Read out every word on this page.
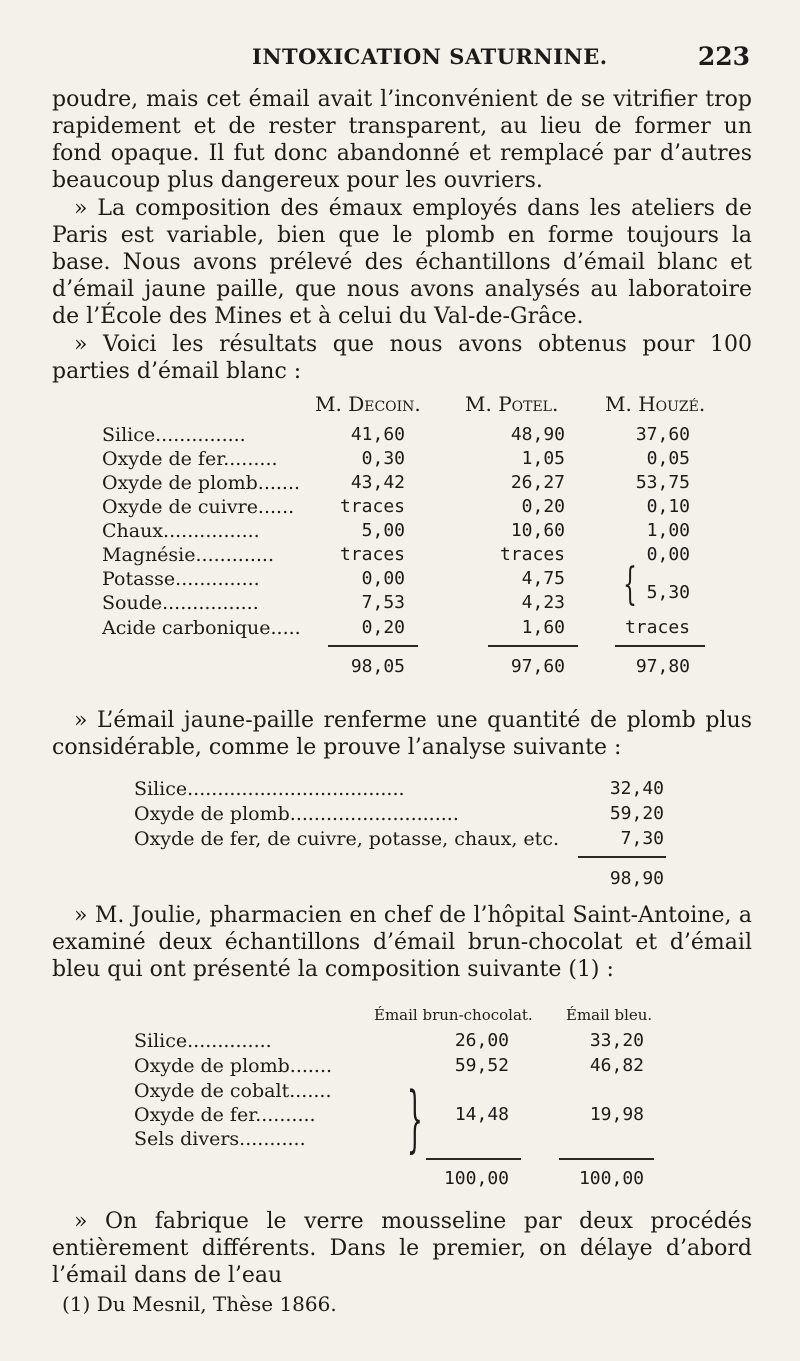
INTOXICATION SATURNINE.	223
poudre, mais cet émail avait l’inconvénient de se vitrifier trop rapidement et de rester transparent, au lieu de former un fond opaque. Il fut donc abandonné et remplacé par d’autres beaucoup plus dangereux pour les ouvriers.
» La composition des émaux employés dans les ateliers de Paris est variable, bien que le plomb en forme toujours la base. Nous avons prélevé des échantillons d’émail blanc et d’émail jaune paille, que nous avons analysés au laboratoire de l’École des Mines et à celui du Val-de-Grâce.
» Voici les résultats que nous avons obtenus pour 100 parties d’émail blanc :
M. Decoin. M. Potel. M. Houzé.
Silice...............	41,60	48,90	37,60
Oxyde de fer.........	0,30	1,05	0,05
Oxyde de plomb.......	43,42	26,27	53,75
Oxyde de cuivre......	traces	0,20	0,10
Chaux................	5,00	10,60	1,00
Magnésie.............	traces	traces	0,00
Potasse..............	0,00	4,75
Soude................	7,53	4,23 { 5,30
Acide carbonique.....	0,20	1,60	traces
98,05	97,60	97,80
» L’émail jaune-paille renferme une quantité de plomb plus considérable, comme le prouve l’analyse suivante :
Silice....................................	32,40
Oxyde de plomb............................	59,20
Oxyde de fer, de cuivre, potasse, chaux, etc.	7,30
98,90
» M. Joulie, pharmacien en chef de l’hôpital Saint-Antoine, a examiné deux échantillons d’émail brun-chocolat et d’émail bleu qui ont présenté la composition suivante (1) :
Émail brun-chocolat. Émail bleu.
Silice..............	26,00	33,20
Oxyde de plomb.......	59,52	46,82
Oxyde de cobalt.......
Oxyde de fer..........	14,48	19,98
Sels divers...........	}
100,00	100,00
» On fabrique le verre mousseline par deux procédés entièrement différents. Dans le premier, on délaye d’abord l’émail dans de l’eau
(1) Du Mesnil, Thèse 1866.
